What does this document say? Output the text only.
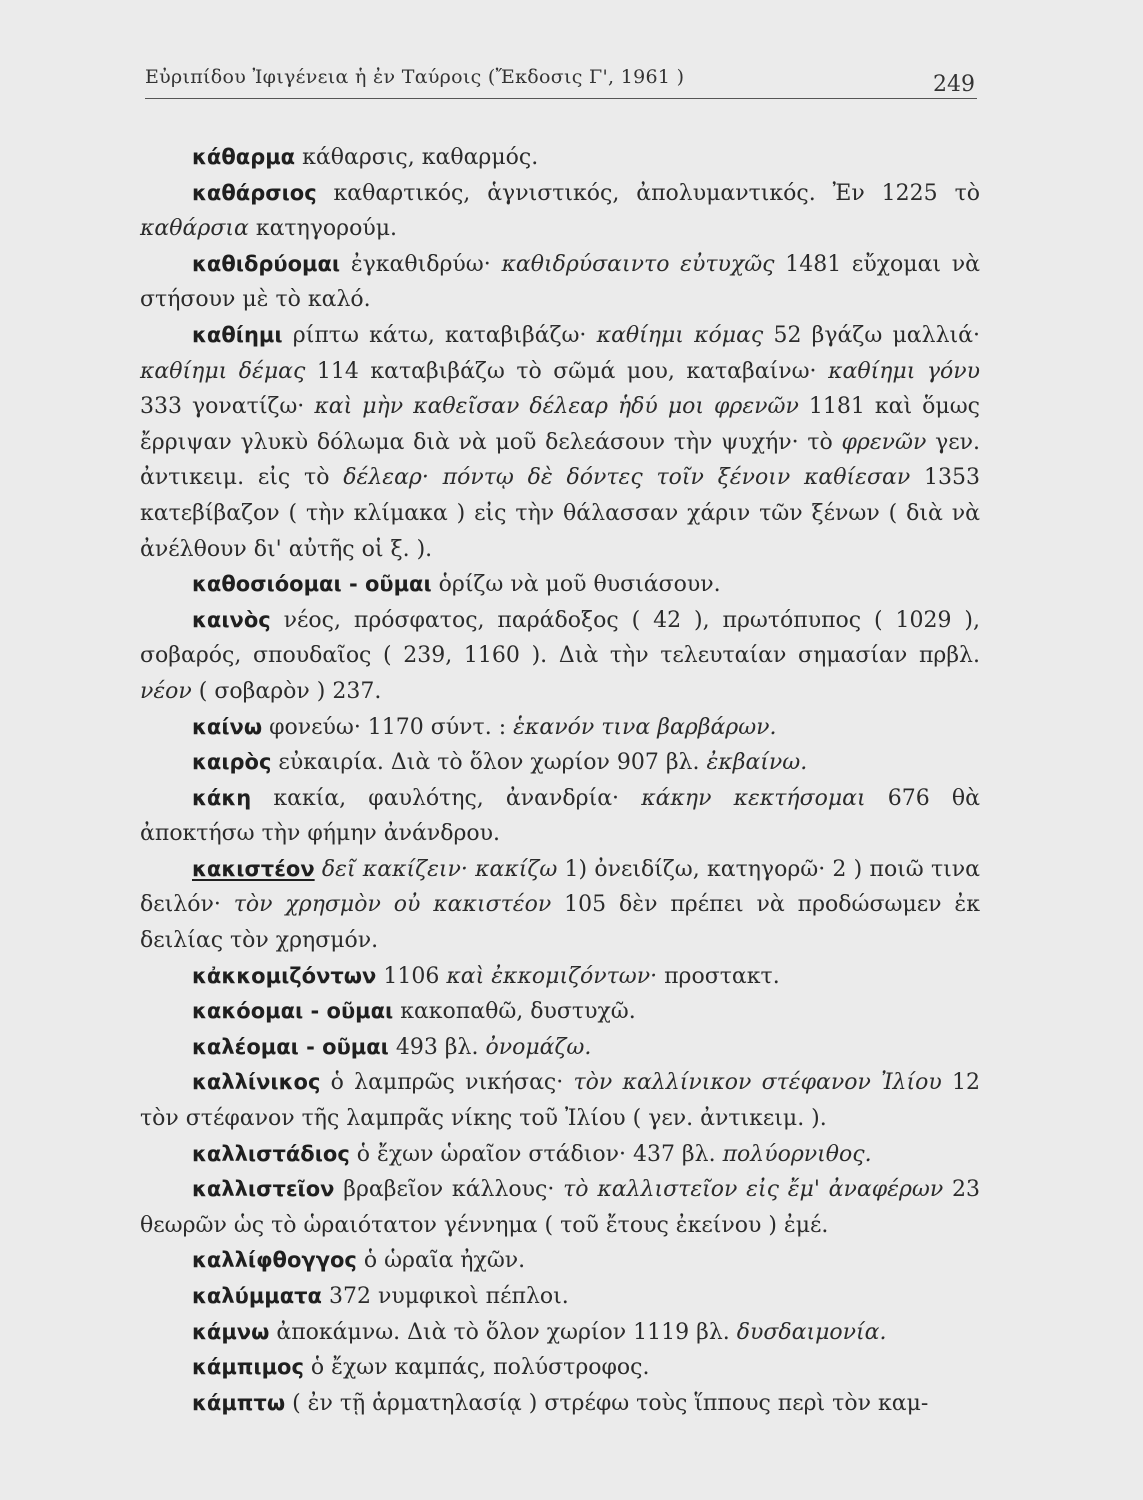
Εὐριπίδου Ἰφιγένεια ἡ ἐν Ταύροις (Ἔκδοσις Γ', 1961 )	249

κάθαρμα κάθαρσις, καθαρμός.

καθάρσιος καθαρτικός, ἁγνιστικός, ἀπολυμαντικός. Ἐν 1225 τὸ καθάρσια κατηγορούμ.

καθιδρύομαι ἐγκαθιδρύω· καθιδρύσαιντο εὐτυχῶς 1481 εὔχομαι νὰ στήσουν μὲ τὸ καλό.

καθίημι ρίπτω κάτω, καταβιβάζω· καθίημι κόμας 52 βγάζω μαλλιά· καθίημι δέμας 114 καταβιβάζω τὸ σῶμά μου, καταβαίνω· καθίημι γόνυ 333 γονατίζω· καὶ μὴν καθεῖσαν δέλεαρ ἡδύ μοι φρενῶν 1181 καὶ ὅμως ἔρριψαν γλυκὺ δόλωμα διὰ νὰ μοῦ δελεάσουν τὴν ψυχήν· τὸ φρενῶν γεν. ἀντικειμ. εἰς τὸ δέλεαρ· πόντῳ δὲ δόντες τοῖν ξένοιν καθίεσαν 1353 κατεβίβαζον ( τὴν κλίμακα ) εἰς τὴν θάλασσαν χάριν τῶν ξένων ( διὰ νὰ ἀνέλθουν δι' αὐτῆς οἱ ξ. ).

καθοσιόομαι - οῦμαι ὁρίζω νὰ μοῦ θυσιάσουν.

καινὸς νέος, πρόσφατος, παράδοξος ( 42 ), πρωτόπυπος ( 1029 ), σοβαρός, σπουδαῖος ( 239, 1160 ). Διὰ τὴν τελευταίαν σημασίαν πρβλ. νέον ( σοβαρὸν ) 237.

καίνω φονεύω· 1170 σύντ. : ἑκανόν τινα βαρβάρων.

καιρὸς εὐκαιρία. Διὰ τὸ ὅλον χωρίον 907 βλ. ἐκβαίνω.

κάκη κακία, φαυλότης, ἀνανδρία· κάκην κεκτήσομαι 676 θὰ ἀποκτήσω τὴν φήμην ἀνάνδρου.

κακιστέον δεῖ κακίζειν· κακίζω 1) ὀνειδίζω, κατηγορῶ· 2 ) ποιῶ τινα δειλόν· τὸν χρησμὸν οὐ κακιστέον 105 δὲν πρέπει νὰ προδώσωμεν ἐκ δειλίας τὸν χρησμόν.

κἀκκομιζόντων 1106 καὶ ἐκκομιζόντων· προστακτ.

κακόομαι - οῦμαι κακοπαθῶ, δυστυχῶ.

καλέομαι - οῦμαι 493 βλ. ὀνομάζω.

καλλίνικος ὁ λαμπρῶς νικήσας· τὸν καλλίνικον στέφανον Ἰλίου 12 τὸν στέφανον τῆς λαμπρᾶς νίκης τοῦ Ἰλίου ( γεν. ἀντικειμ. ).

καλλιστάδιος ὁ ἔχων ὡραῖον στάδιον· 437 βλ. πολύορνιθος.

καλλιστεῖον βραβεῖον κάλλους· τὸ καλλιστεῖον εἰς ἔμ' ἀναφέρων 23 θεωρῶν ὡς τὸ ὡραιότατον γέννημα ( τοῦ ἔτους ἐκείνου ) ἐμέ.

καλλίφθογγος ὁ ὡραῖα ἠχῶν.

καλύμματα 372 νυμφικοὶ πέπλοι.

κάμνω ἀποκάμνω. Διὰ τὸ ὅλον χωρίον 1119 βλ. δυσδαιμονία.

κάμπιμος ὁ ἔχων καμπάς, πολύστροφος.

κάμπτω ( ἐν τῇ ἁρματηλασίᾳ ) στρέφω τοὺς ἵππους περὶ τὸν καμ-
